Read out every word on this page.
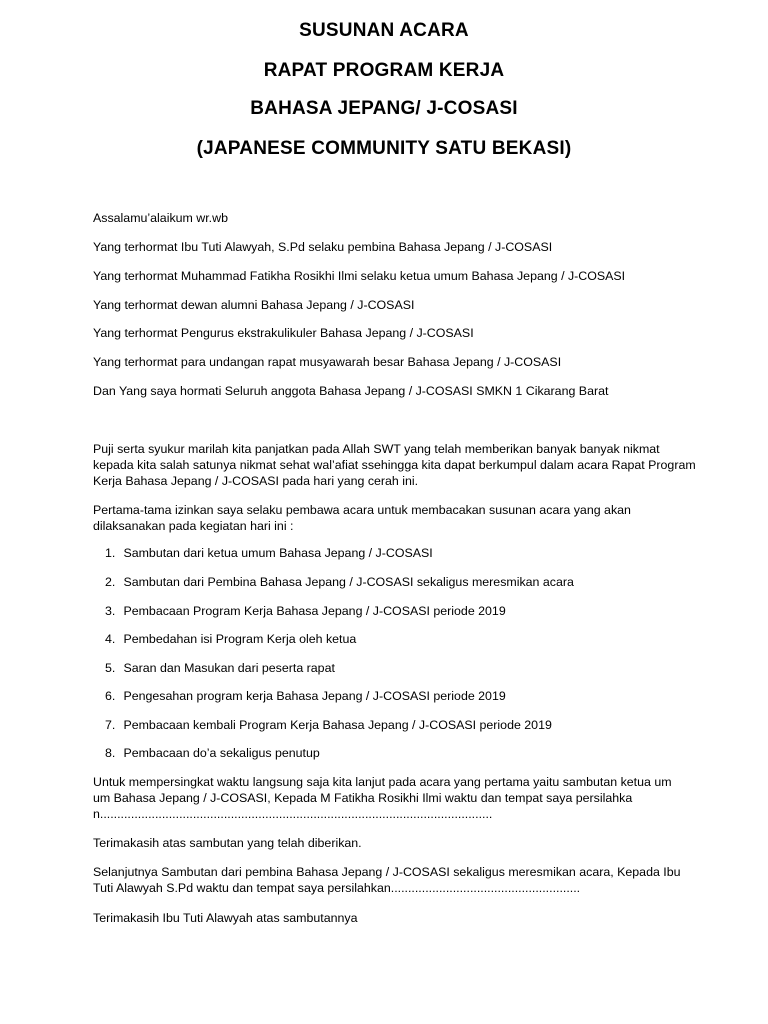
SUSUNAN ACARA
RAPAT PROGRAM KERJA
BAHASA JEPANG/ J-COSASI
(JAPANESE COMMUNITY SATU BEKASI)
Assalamu’alaikum wr.wb
Yang terhormat Ibu Tuti Alawyah, S.Pd selaku pembina Bahasa Jepang / J-COSASI
Yang terhormat Muhammad Fatikha Rosikhi Ilmi selaku ketua umum Bahasa Jepang / J-COSASI
Yang terhormat dewan alumni Bahasa Jepang / J-COSASI
Yang terhormat Pengurus ekstrakulikuler Bahasa Jepang / J-COSASI
Yang terhormat para undangan rapat musyawarah besar Bahasa Jepang / J-COSASI
Dan Yang saya hormati Seluruh anggota Bahasa Jepang / J-COSASI SMKN 1 Cikarang Barat
Puji serta syukur marilah kita panjatkan pada Allah SWT yang telah memberikan banyak banyak nikmat kepada kita salah satunya nikmat sehat wal’afiat ssehingga kita dapat berkumpul dalam acara Rapat Program Kerja Bahasa Jepang / J-COSASI pada hari yang cerah ini.
Pertama-tama izinkan saya selaku pembawa acara untuk membacakan susunan acara yang akan dilaksanakan pada kegiatan hari ini :
1. Sambutan dari ketua umum Bahasa Jepang / J-COSASI
2. Sambutan dari Pembina Bahasa Jepang / J-COSASI sekaligus meresmikan acara
3. Pembacaan Program Kerja Bahasa Jepang / J-COSASI periode 2019
4. Pembedahan isi Program Kerja oleh ketua
5. Saran dan Masukan dari peserta rapat
6. Pengesahan program kerja Bahasa Jepang / J-COSASI periode 2019
7. Pembacaan kembali Program Kerja Bahasa Jepang / J-COSASI periode 2019
8. Pembacaan do’a sekaligus penutup
Untuk mempersingkat waktu langsung saja kita lanjut pada acara yang pertama yaitu sambutan ketua umum Bahasa Jepang / J-COSASI, Kepada M Fatikha Rosikhi Ilmi waktu dan tempat saya persilahkan..................................................................................................................
Terimakasih atas sambutan yang telah diberikan.
Selanjutnya Sambutan dari pembina Bahasa Jepang / J-COSASI sekaligus meresmikan acara, Kepada Ibu Tuti Alawyah S.Pd waktu dan tempat saya persilahkan.......................................................
Terimakasih Ibu Tuti Alawyah atas sambutannya
